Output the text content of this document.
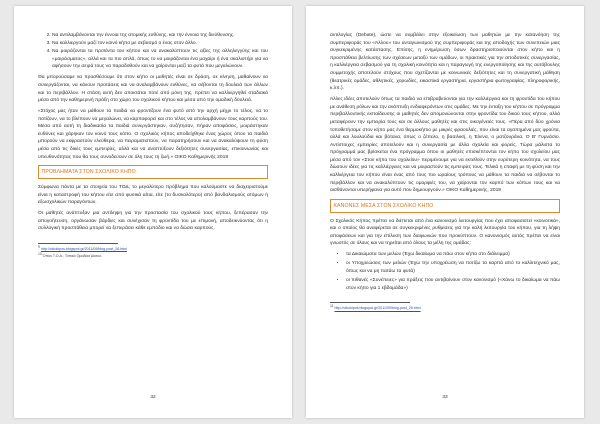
2. Να αντιλαμβάνονται την έννοια της ατομικής ευθύνης, και την έννοια της διεύθυνσης.
3. Να καλλιεργούν μαζί τον κοινό κήπο με σεβασμό ο ένας στον άλλο.
4. Να μοιράζονται τα προϊόντα του κήπου και να ανακαλύπτουν τις αξίες της αλληλεγγύης και του «μοιράσματος», αλλά και τα πιο απλά, όπως το να μοιράζονται ένα μαχαίρι ή ένα σκαλιστήρι για να αφήσουν την σειρά τους να παραδοθούν και να χαίρονται μαζί τα φυτά που μεγαλώνουν.

Θα μπορούσαμε να προσθέσουμε ότι στον κήπο οι μαθητές είναι σε δράση, σε κίνηση, μαθαίνουν να συνεργάζονται, να κάνουν προτάσεις και να αναλαμβάνουν ευθύνες, να σέβονται τη δουλειά των άλλων και το περιβάλλον. Η στάση αυτή δεν αποκτάται ποτέ από μόνη της, πρέπει να καλλιεργηθεί σταδιακά μέσα από την καθημερινή πράξη στο χώρο του σχολικού κήπου και μέσα από την ομαδική δουλειά.

«Στόχος μας ήταν να μάθουν τα παιδιά να φροντίζουν ένα φυτό από την αρχή μέχρι το τέλος, να το ποτίζουν, να το βλέπουν να μεγαλώνει, να καρποφορεί και στο τέλος να απολαμβάνουν τους καρπούς του. Μέσα από αυτή τη διαδικασία τα παιδιά συνεργάστηκαν, συζήτησαν, πήραν αποφάσεις, μοιράστηκαν ευθύνες και χάρηκαν τον κοινό τους κόπο. Ο σχολικός κήπος αποδείχθηκε ένας χώρος όπου τα παιδιά μπορούν να εκφραστούν ελεύθερα, να πειραματιστούν, να παρατηρήσουν και να ανακαλύψουν τη φύση μέσα από τις δικές τους εμπειρίες, αλλά και να αναπτύξουν δεξιότητες συνεργασίας, επικοινωνίας και υπευθυνότητας που θα τους συνοδεύουν σε όλη τους τη ζωή.» ΟΙΚΟ Καθημερινής 2019

ΠΡΟΒΛΗΜΑΤΑ ΣΤΟΝ ΣΧΟΛΙΚΟ ΚΗΠΟ

Σύμφωνα πάντα με τα στοιχεία του ΤΟΔ, το μεγαλύτερο πρόβλημα που καλούμαστε να διαχειριστούμε είναι η καταστροφή του κήπου είτε από φυσικά αίτια, είτε (το δυσκολότερο) από βανδαλισμούς ατόμων ή εξωσχολικών παραγόντων.

Οι μαθητές ανάπτυξαν μια αντίληψη για την προστασία του σχολικού τους κήπου, ξεπέρασαν την απογοήτευση, οργάνωσαν βάρδιες και συνέχισαν τη φροντίδα του με επιμονή, αποδεικνύοντας ότι η συλλογική προσπάθεια μπορεί να ξεπεράσει κάθε εμπόδιο και να δώσει καρπούς.

$^9$ http://oikokipos.blogspot.gr/2011/09/blog-post_28.html
$^{10}$ Όπου Τ.Ο.Δ., Τοπικό Ομαδικό Δίκτυο.
32

αντιλογίας (Debate), ώστε να συμβάλει στην εξοικείωση των μαθητών με την κατανόηση της συμπεριφοράς του «Άλλου» του ανταγωνισμού της συμπεριφοράς και της αποδοχής των συνεπειών μιας συγκεκριμένης κατάστασης. Επίσης, η ενημέρωση όσων δραστηριοποιούνται στον κήπο και η προσπάθεια βελτίωσης των σχέσεων μεταξύ των ομάδων, οι πρακτικές για την αποδοτικές συνεργασίας, η καλλιέργεια σεβασμού για τη σχολική κοινότητα και η παραγωγή της ενεργοποίησης και της αυτόβουλης συμμετοχής αποτελούν στόχους που σχετίζονται με κοινωνικές δεξιότητες και τη συνεργατική μάθηση (θεατρικές ομάδες, αθλητικές, χορωδίες, εικαστικά εργαστήρια, εργαστήρια φωτογραφίας, πληροφορικής, κ.λπ.).

Άλλες ιδέες αποτελούν όπως τα παιδιά να επιβραβεύονται για την καλλιέργεια και τη φροντίδα του κήπου με ανάθεση ρόλων και την ανάπτυξη ενδιαφερόντων στις ομάδες. Με την ένταξη του κήπου σε πρόγραμμα περιβαλλοντικής εκπαίδευσης οι μαθητές δεν απομονώνονται στην φροντίδα του δικού τους κήπου, αλλά μεταφέρουν την εμπειρία τους και σε άλλους μαθητές και στις οικογένειές τους. «Πέρα από δύο χρόνια τοποθετήσαμε στον κήπο μας ένα θερμοκήπιο με μικρές φραουλιές, που είναι τα αγαπημένα μας φρούτα, αλλά και λουλούδια και βότανα, όπως ο ζέπελο, η βασιλική, η Έλενα, ο ματζουράνα. Ο Β' Γυμνάσιο. Αντίστοιχες εμπειρίες αποτελούν και η συνεργασία με άλλα σχολεία και φορείς. Τώρα μάλιστα το πρόγραμμά μας βρίσκεται ένα πρόγραμμα όπου οι μαθητές επισκέπτονται τον κήπο του σχολείου μας μέσα από τον «Στον κήπο του σχολείου» περιμένουμε για να εκτεθούν στην ευρύτερη κοινότητα, να τους δώσουν ιδέες για τις καλλιέργειες και να μοιραστούν τις εμπειρίες τους. Τελικά η επαφή με τη φύση και την καλλιέργεια του κήπου είναι ένας από τους πιο ωραίους τρόπους να μάθουν τα παιδιά να σέβονται το περιβάλλον και να ανακαλύπτουν τις ομορφιές του, να χαίρονται τον καρπό των κόπων τους και να αισθάνονται υπερήφανα για αυτό που δημιουργούν.» ΟΙΚΟ Καθημερινής, 2019

ΚΑΝΟΝΕΣ ΜΕΣΑ ΣΤΟΝ ΣΧΟΛΙΚΟ ΚΗΠΟ

Ο Σχολικός Κήπος πρέπει να διέπεται από ένα κανονισμό λειτουργίας που έχει αποφασιστεί «κοινοτικά», και ο οποίος θα αναφέρεται σε συγκεκριμένες ρυθμίσεις για την καλή λειτουργία του κήπου, για τη λήψη αποφάσεων και για την επίλυση των διαφωνιών που προκύπτουν. Ο κανονισμός αυτός πρέπει να είναι γνωστός σε όλους και να τηρείται από όλους τα μέλη της ομάδας:

• τα Δικαιώματα των μελών (Έχω δικαίωμα να πάω στον κήπο στο διάλειμμα)
• οι Υποχρεώσεις των μελών (Έχω την υποχρέωση να ποτίζω τα καρπά από το καλλιτεχνικό μας, όπως και να μη πατάω τα φυτά)
• οι πιθανές «Συνέπειες» για πράξεις που αντιβαίνουν στον κανονισμό («Χάνω το δικαίωμα να πάω στον κήπο για 1 εβδομάδα»)
$^{11}$ http://oikokipos.blogspot.gr/2011/09/blog-post_28.html
33
